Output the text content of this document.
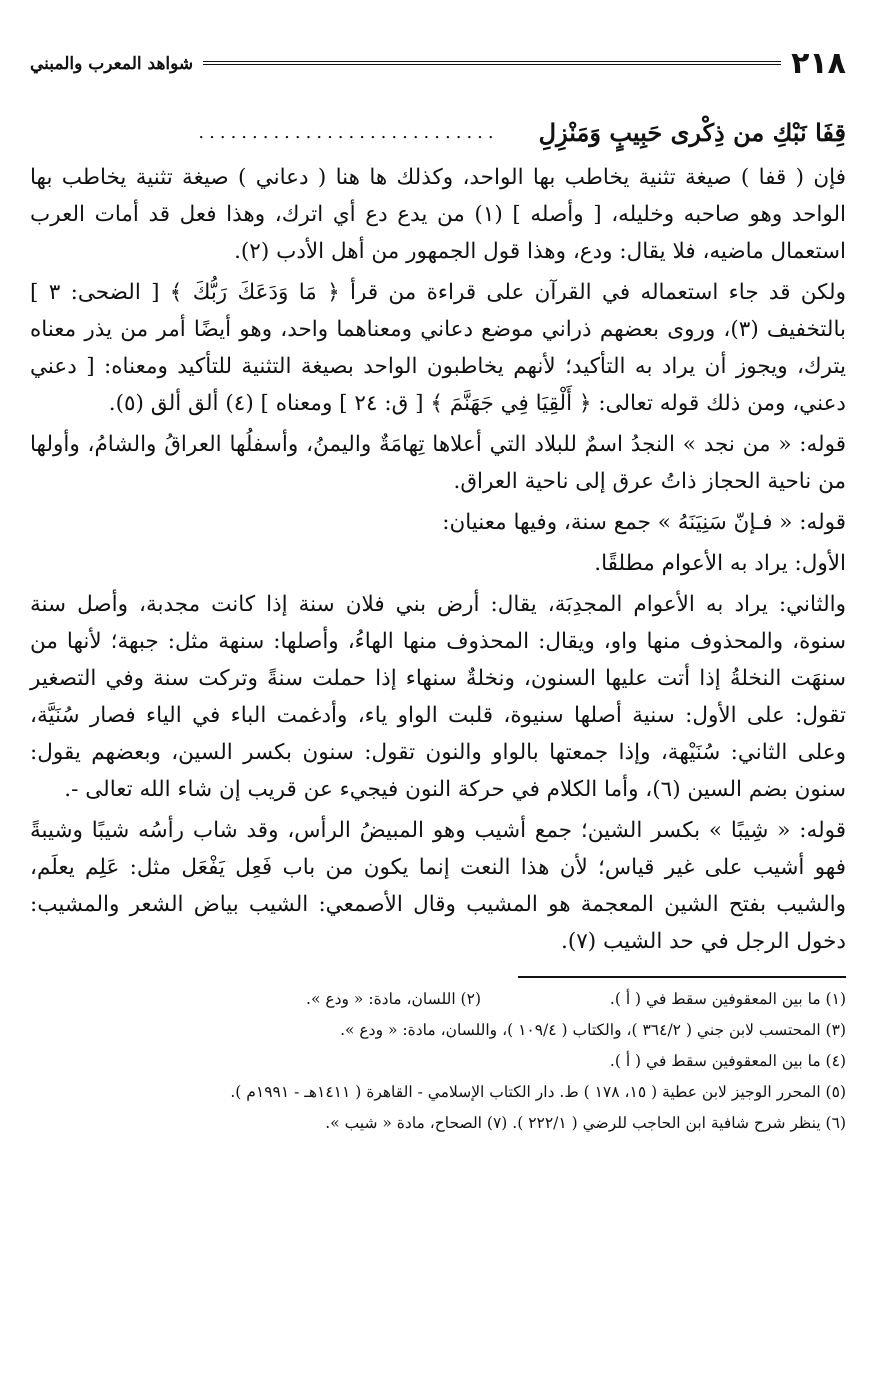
٢١٨
شواهد المعرب والمبني
قِفَا نَبْكِ من ذِكْرى حَبِيبٍ وَمَنْزِلِ
............................

فإن ( قفا ) صيغة تثنية يخاطب بها الواحد، وكذلك ها هنا ( دعاني ) صيغة تثنية يخاطب بها الواحد وهو صاحبه وخليله، [ وأصله ] (١) من يدع دع أي اترك، وهذا فعل قد أمات العرب استعمال ماضيه، فلا يقال: ودع، وهذا قول الجمهور من أهل الأدب (٢).

ولكن قد جاء استعماله في القرآن على قراءة من قرأ ﴿ مَا وَدَعَكَ رَبُّكَ ﴾ [ الضحى: ٣ ] بالتخفيف (٣)، وروى بعضهم ذراني موضع دعاني ومعناهما واحد، وهو أيضًا أمر من يذر معناه يترك، ويجوز أن يراد به التأكيد؛ لأنهم يخاطبون الواحد بصيغة التثنية للتأكيد ومعناه: [ دعني دعني، ومن ذلك قوله تعالى: ﴿ أَلْقِيَا فِي جَهَنَّمَ ﴾ [ ق: ٢٤ ] ومعناه ] (٤) ألق ألق (٥).

قوله: « من نجد » النجدُ اسمٌ للبلاد التي أعلاها تِهامَةٌ واليمنُ، وأسفلُها العراقُ والشامُ، وأولها من ناحية الحجاز ذاتُ عرق إلى ناحية العراق.

قوله: « فـإنّ سَنِيَنَهُ » جمع سنة، وفيها معنيان:

الأول: يراد به الأعوام مطلقًا.

والثاني: يراد به الأعوام المجدِبَة، يقال: أرض بني فلان سنة إذا كانت مجدبة، وأصل سنة سنوة، والمحذوف منها واو، ويقال: المحذوف منها الهاءُ، وأصلها: سنهة مثل: جبهة؛ لأنها من سنهَت النخلةُ إذا أتت عليها السنون، ونخلةٌ سنهاء إذا حملت سنةً وتركت سنة وفي التصغير تقول: على الأول: سنية أصلها سنيوة، قلبت الواو ياء، وأدغمت الباء في الياء فصار سُنَيَّة، وعلى الثاني: سُنَيْهة، وإذا جمعتها بالواو والنون تقول: سنون بكسر السين، وبعضهم يقول: سنون بضم السين (٦)، وأما الكلام في حركة النون فيجيء عن قريب إن شاء الله تعالى -.

قوله: « شِيبًا » بكسر الشين؛ جمع أشيب وهو المبيضُ الرأس، وقد شاب رأسُه شيبًا وشيبةً فهو أشيب على غير قياس؛ لأن هذا النعت إنما يكون من باب فَعِل يَفْعَل مثل: عَلِم يعلَم، والشيب بفتح الشين المعجمة هو المشيب وقال الأصمعي: الشيب بياض الشعر والمشيب: دخول الرجل في حد الشيب (٧).

(١) ما بين المعقوفين سقط في ( أ ).

(٢) اللسان، مادة: « ودع ».

(٣) المحتسب لابن جني ( ٣٦٤/٢ )، والكتاب ( ١٠٩/٤ )، واللسان، مادة: « ودع ».

(٤) ما بين المعقوفين سقط في ( أ ).

(٥) المحرر الوجيز لابن عطية ( ١٥، ١٧٨ ) ط. دار الكتاب الإسلامي - القاهرة ( ١٤١١هـ - ١٩٩١م ).

(٦) ينظر شرح شافية ابن الحاجب للرضي ( ٢٢٢/١ ). (٧) الصحاح، مادة « شيب ».
